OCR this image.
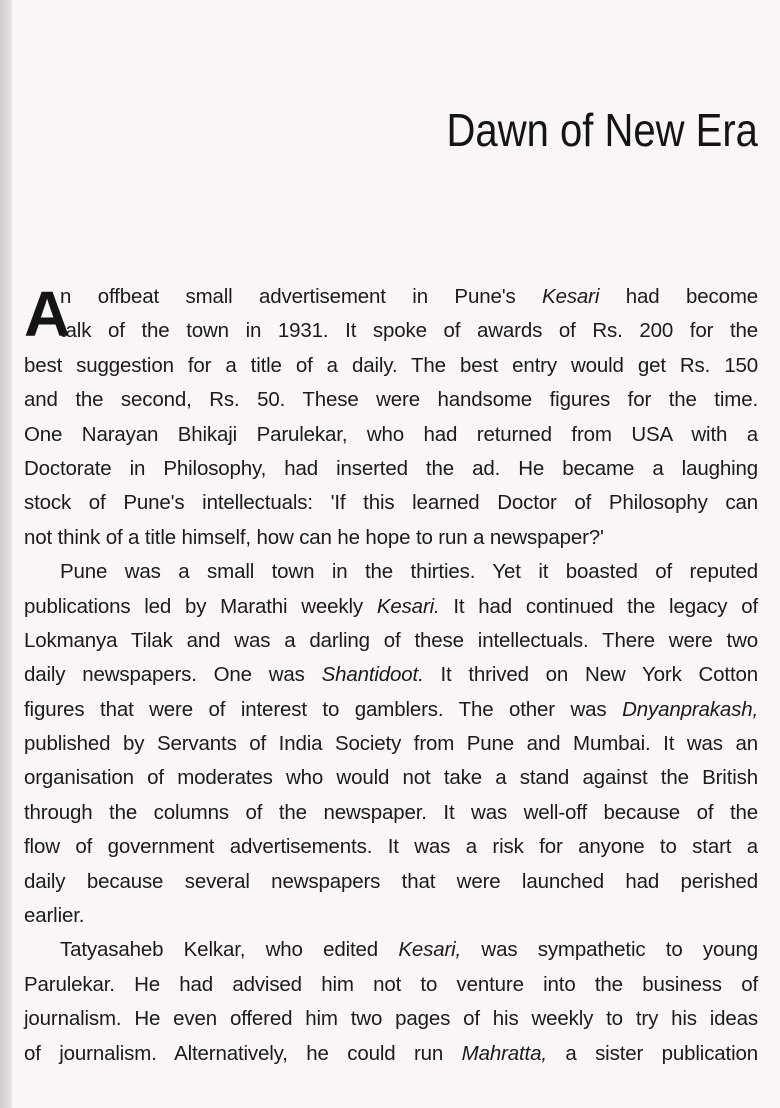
Dawn of New Era
A
n offbeat small advertisement in Pune's Kesari had become
talk of the town in 1931. It spoke of awards of Rs. 200 for the
best suggestion for a title of a daily. The best entry would get Rs. 150
and the second, Rs. 50. These were handsome figures for the time.
One Narayan Bhikaji Parulekar, who had returned from USA with a
Doctorate in Philosophy, had inserted the ad. He became a laughing
stock of Pune's intellectuals: 'If this learned Doctor of Philosophy can
not think of a title himself, how can he hope to run a newspaper?'
Pune was a small town in the thirties. Yet it boasted of reputed
publications led by Marathi weekly Kesari. It had continued the legacy of
Lokmanya Tilak and was a darling of these intellectuals. There were two
daily newspapers. One was Shantidoot. It thrived on New York Cotton
figures that were of interest to gamblers. The other was Dnyanprakash,
published by Servants of India Society from Pune and Mumbai. It was an
organisation of moderates who would not take a stand against the British
through the columns of the newspaper. It was well-off because of the
flow of government advertisements. It was a risk for anyone to start a
daily because several newspapers that were launched had perished
earlier.
Tatyasaheb Kelkar, who edited Kesari, was sympathetic to young
Parulekar. He had advised him not to venture into the business of
journalism. He even offered him two pages of his weekly to try his ideas
of journalism. Alternatively, he could run Mahratta, a sister publication
